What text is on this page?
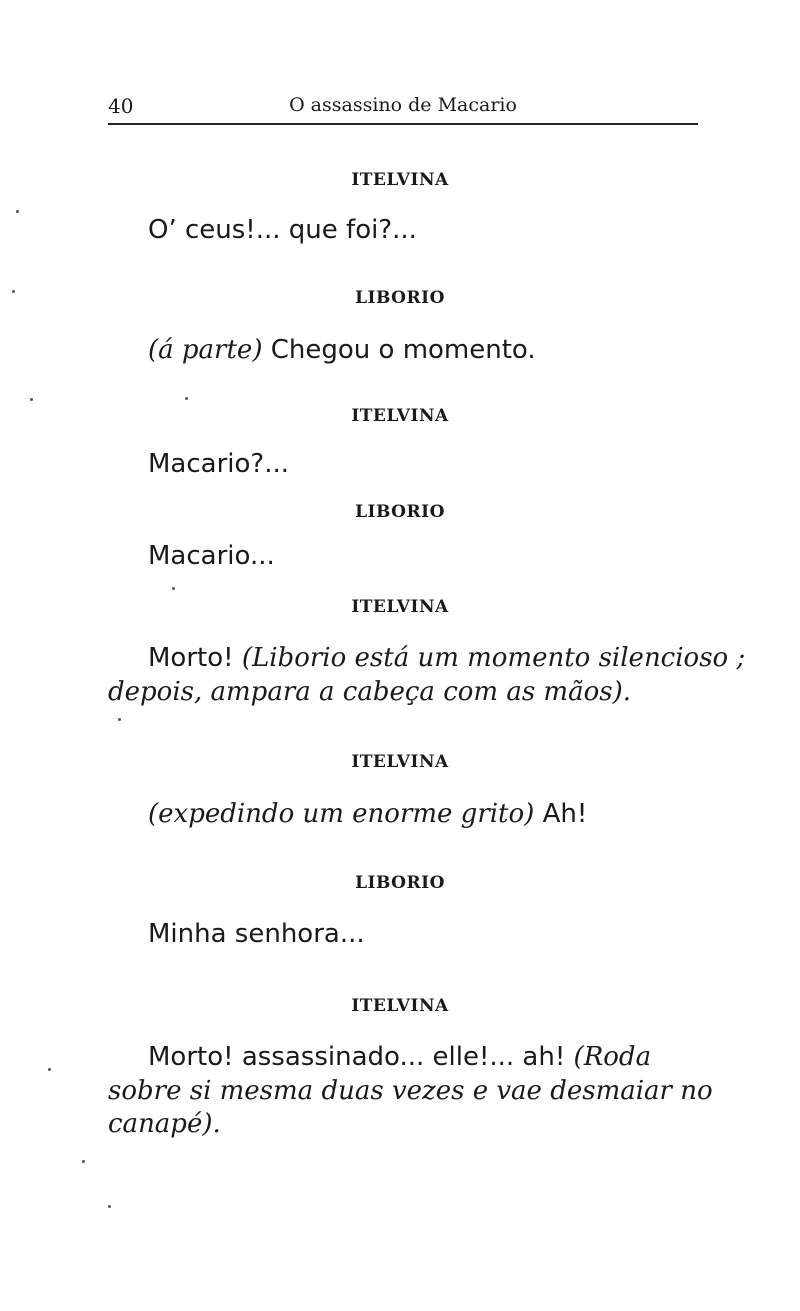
40	O assassino de Macario
ITELVINA
O’ ceus!... que foi?...
LIBORIO
(á parte) Chegou o momento.
ITELVINA
Macario?...
LIBORIO
Macario...
ITELVINA
Morto! (Liborio está um momento silencioso ;
depois, ampara a cabeça com as mãos).
ITELVINA
(expedindo um enorme grito) Ah!
LIBORIO
Minha senhora...
ITELVINA
Morto! assassinado... elle!... ah! (Roda
sobre si mesma duas vezes e vae desmaiar no
canapé).
